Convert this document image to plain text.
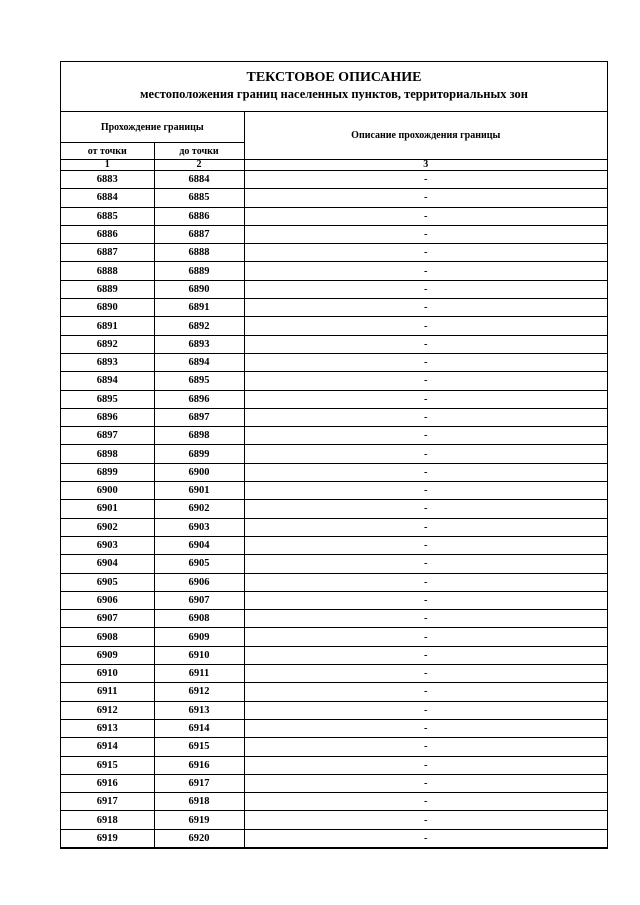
ТЕКСТОВОЕ ОПИСАНИЕ
местоположения границ населенных пунктов, территориальных зон
Прохождение границы		Описание прохождения границы
от точки	до точки	
1	2	3
6883	6884	-
6884	6885	-
6885	6886	-
6886	6887	-
6887	6888	-
6888	6889	-
6889	6890	-
6890	6891	-
6891	6892	-
6892	6893	-
6893	6894	-
6894	6895	-
6895	6896	-
6896	6897	-
6897	6898	-
6898	6899	-
6899	6900	-
6900	6901	-
6901	6902	-
6902	6903	-
6903	6904	-
6904	6905	-
6905	6906	-
6906	6907	-
6907	6908	-
6908	6909	-
6909	6910	-
6910	6911	-
6911	6912	-
6912	6913	-
6913	6914	-
6914	6915	-
6915	6916	-
6916	6917	-
6917	6918	-
6918	6919	-
6919	6920	-
